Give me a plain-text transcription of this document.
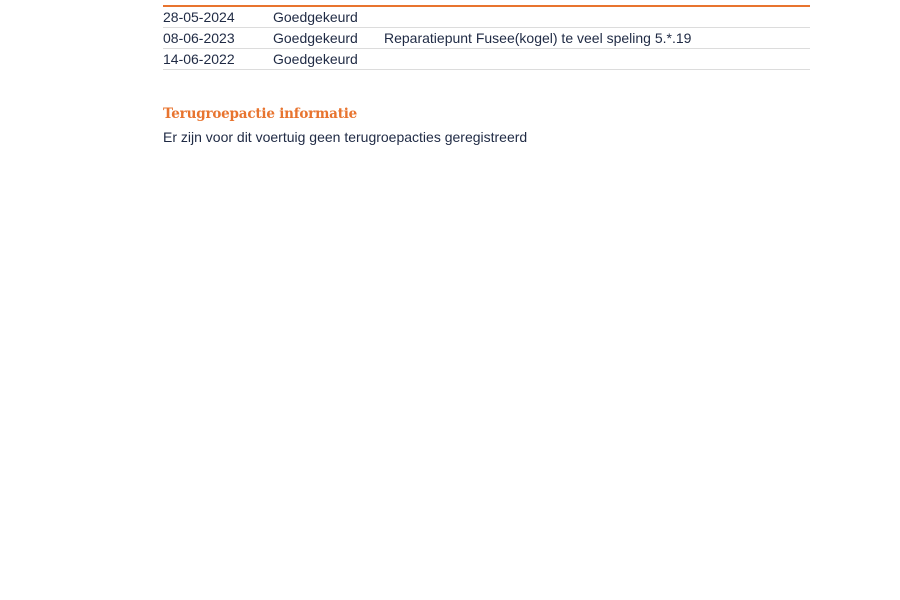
28-05-2024	Goedgekeurd	
08-06-2023	Goedgekeurd	Reparatiepunt Fusee(kogel) te veel speling 5.*.19
14-06-2022	Goedgekeurd	
Terugroepactie informatie
Er zijn voor dit voertuig geen terugroepacties geregistreerd
